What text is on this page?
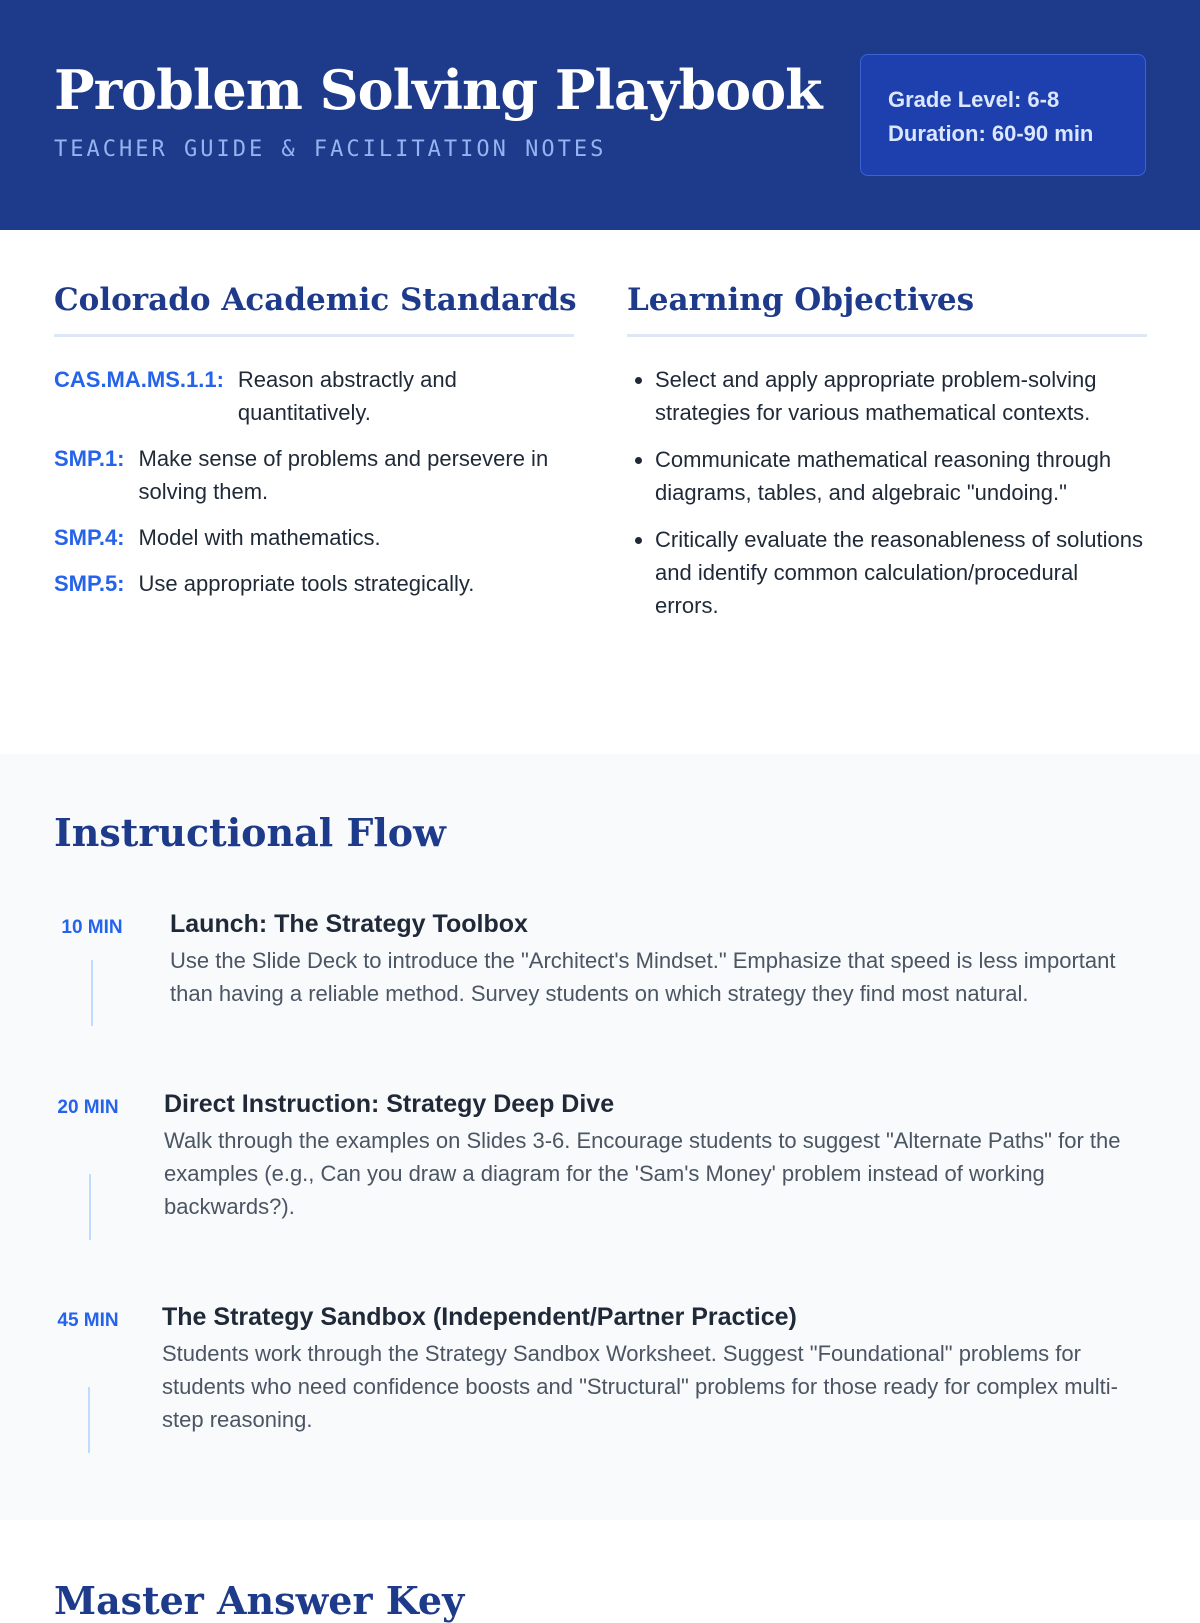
Problem Solving Playbook
TEACHER GUIDE & FACILITATION NOTES
Grade Level: 6-8
Duration: 60-90 min
Colorado Academic Standards
CAS.MA.MS.1.1: Reason abstractly and quantitatively.
SMP.1: Make sense of problems and persevere in solving them.
SMP.4: Model with mathematics.
SMP.5: Use appropriate tools strategically.
Learning Objectives
• Select and apply appropriate problem-solving strategies for various mathematical contexts.
• Communicate mathematical reasoning through diagrams, tables, and algebraic "undoing."
• Critically evaluate the reasonableness of solutions and identify common calculation/procedural errors.
Instructional Flow
10 MIN Launch: The Strategy Toolbox

Use the Slide Deck to introduce the "Architect's Mindset." Emphasize that speed is less important than having a reliable method. Survey students on which strategy they find most natural.

20 MIN Direct Instruction: Strategy Deep Dive

Walk through the examples on Slides 3-6. Encourage students to suggest "Alternate Paths" for the examples (e.g., Can you draw a diagram for the 'Sam's Money' problem instead of working backwards?).

45 MIN The Strategy Sandbox (Independent/Partner Practice)

Students work through the Strategy Sandbox Worksheet. Suggest "Foundational" problems for students who need confidence boosts and "Structural" problems for those ready for complex multi-step reasoning.

Master Answer Key
